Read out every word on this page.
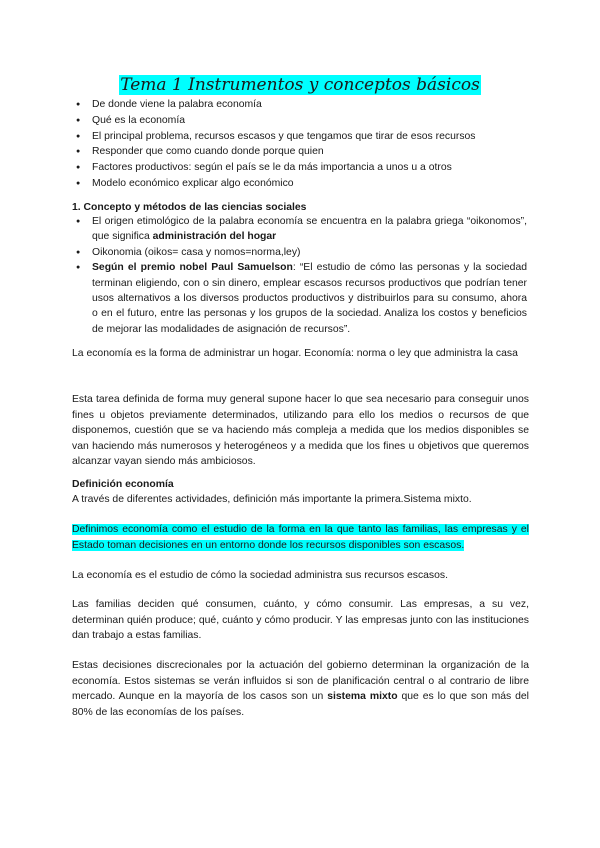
Tema 1 Instrumentos y conceptos básicos
● De donde viene la palabra economía
● Qué es la economía
● El principal problema, recursos escasos y que tengamos que tirar de esos recursos
● Responder que como cuando donde porque quien
● Factores productivos: según el país se le da más importancia a unos u a otros
● Modelo económico explicar algo económico
1. Concepto y métodos de las ciencias sociales
● El origen etimológico de la palabra economía se encuentra en la palabra griega “oikonomos”, que significa administración del hogar
● Oikonomia (oikos= casa y nomos=norma,ley)
● Según el premio nobel Paul Samuelson: “El estudio de cómo las personas y la sociedad terminan eligiendo, con o sin dinero, emplear escasos recursos productivos que podrían tener usos alternativos a los diversos productos productivos y distribuirlos para su consumo, ahora o en el futuro, entre las personas y los grupos de la sociedad. Analiza los costos y beneficios de mejorar las modalidades de asignación de recursos”.

La economía es la forma de administrar un hogar. Economía: norma o ley que administra la casa

Esta tarea definida de forma muy general supone hacer lo que sea necesario para conseguir unos fines u objetos previamente determinados, utilizando para ello los medios o recursos de que disponemos, cuestión que se va haciendo más compleja a medida que los medios disponibles se van haciendo más numerosos y heterogéneos y a medida que los fines u objetivos que queremos alcanzar vayan siendo más ambiciosos.

Definición economía

A través de diferentes actividades, definición más importante la primera.Sistema mixto.

Definimos economía como el estudio de la forma en la que tanto las familias, las empresas y el Estado toman decisiones en un entorno donde los recursos disponibles son escasos.

La economía es el estudio de cómo la sociedad administra sus recursos escasos.

Las familias deciden qué consumen, cuánto, y cómo consumir. Las empresas, a su vez, determinan quién produce; qué, cuánto y cómo producir. Y las empresas junto con las instituciones dan trabajo a estas familias.

Estas decisiones discrecionales por la actuación del gobierno determinan la organización de la economía. Estos sistemas se verán influidos si son de planificación central o al contrario de libre mercado. Aunque en la mayoría de los casos son un sistema mixto que es lo que son más del 80% de las economías de los países.
